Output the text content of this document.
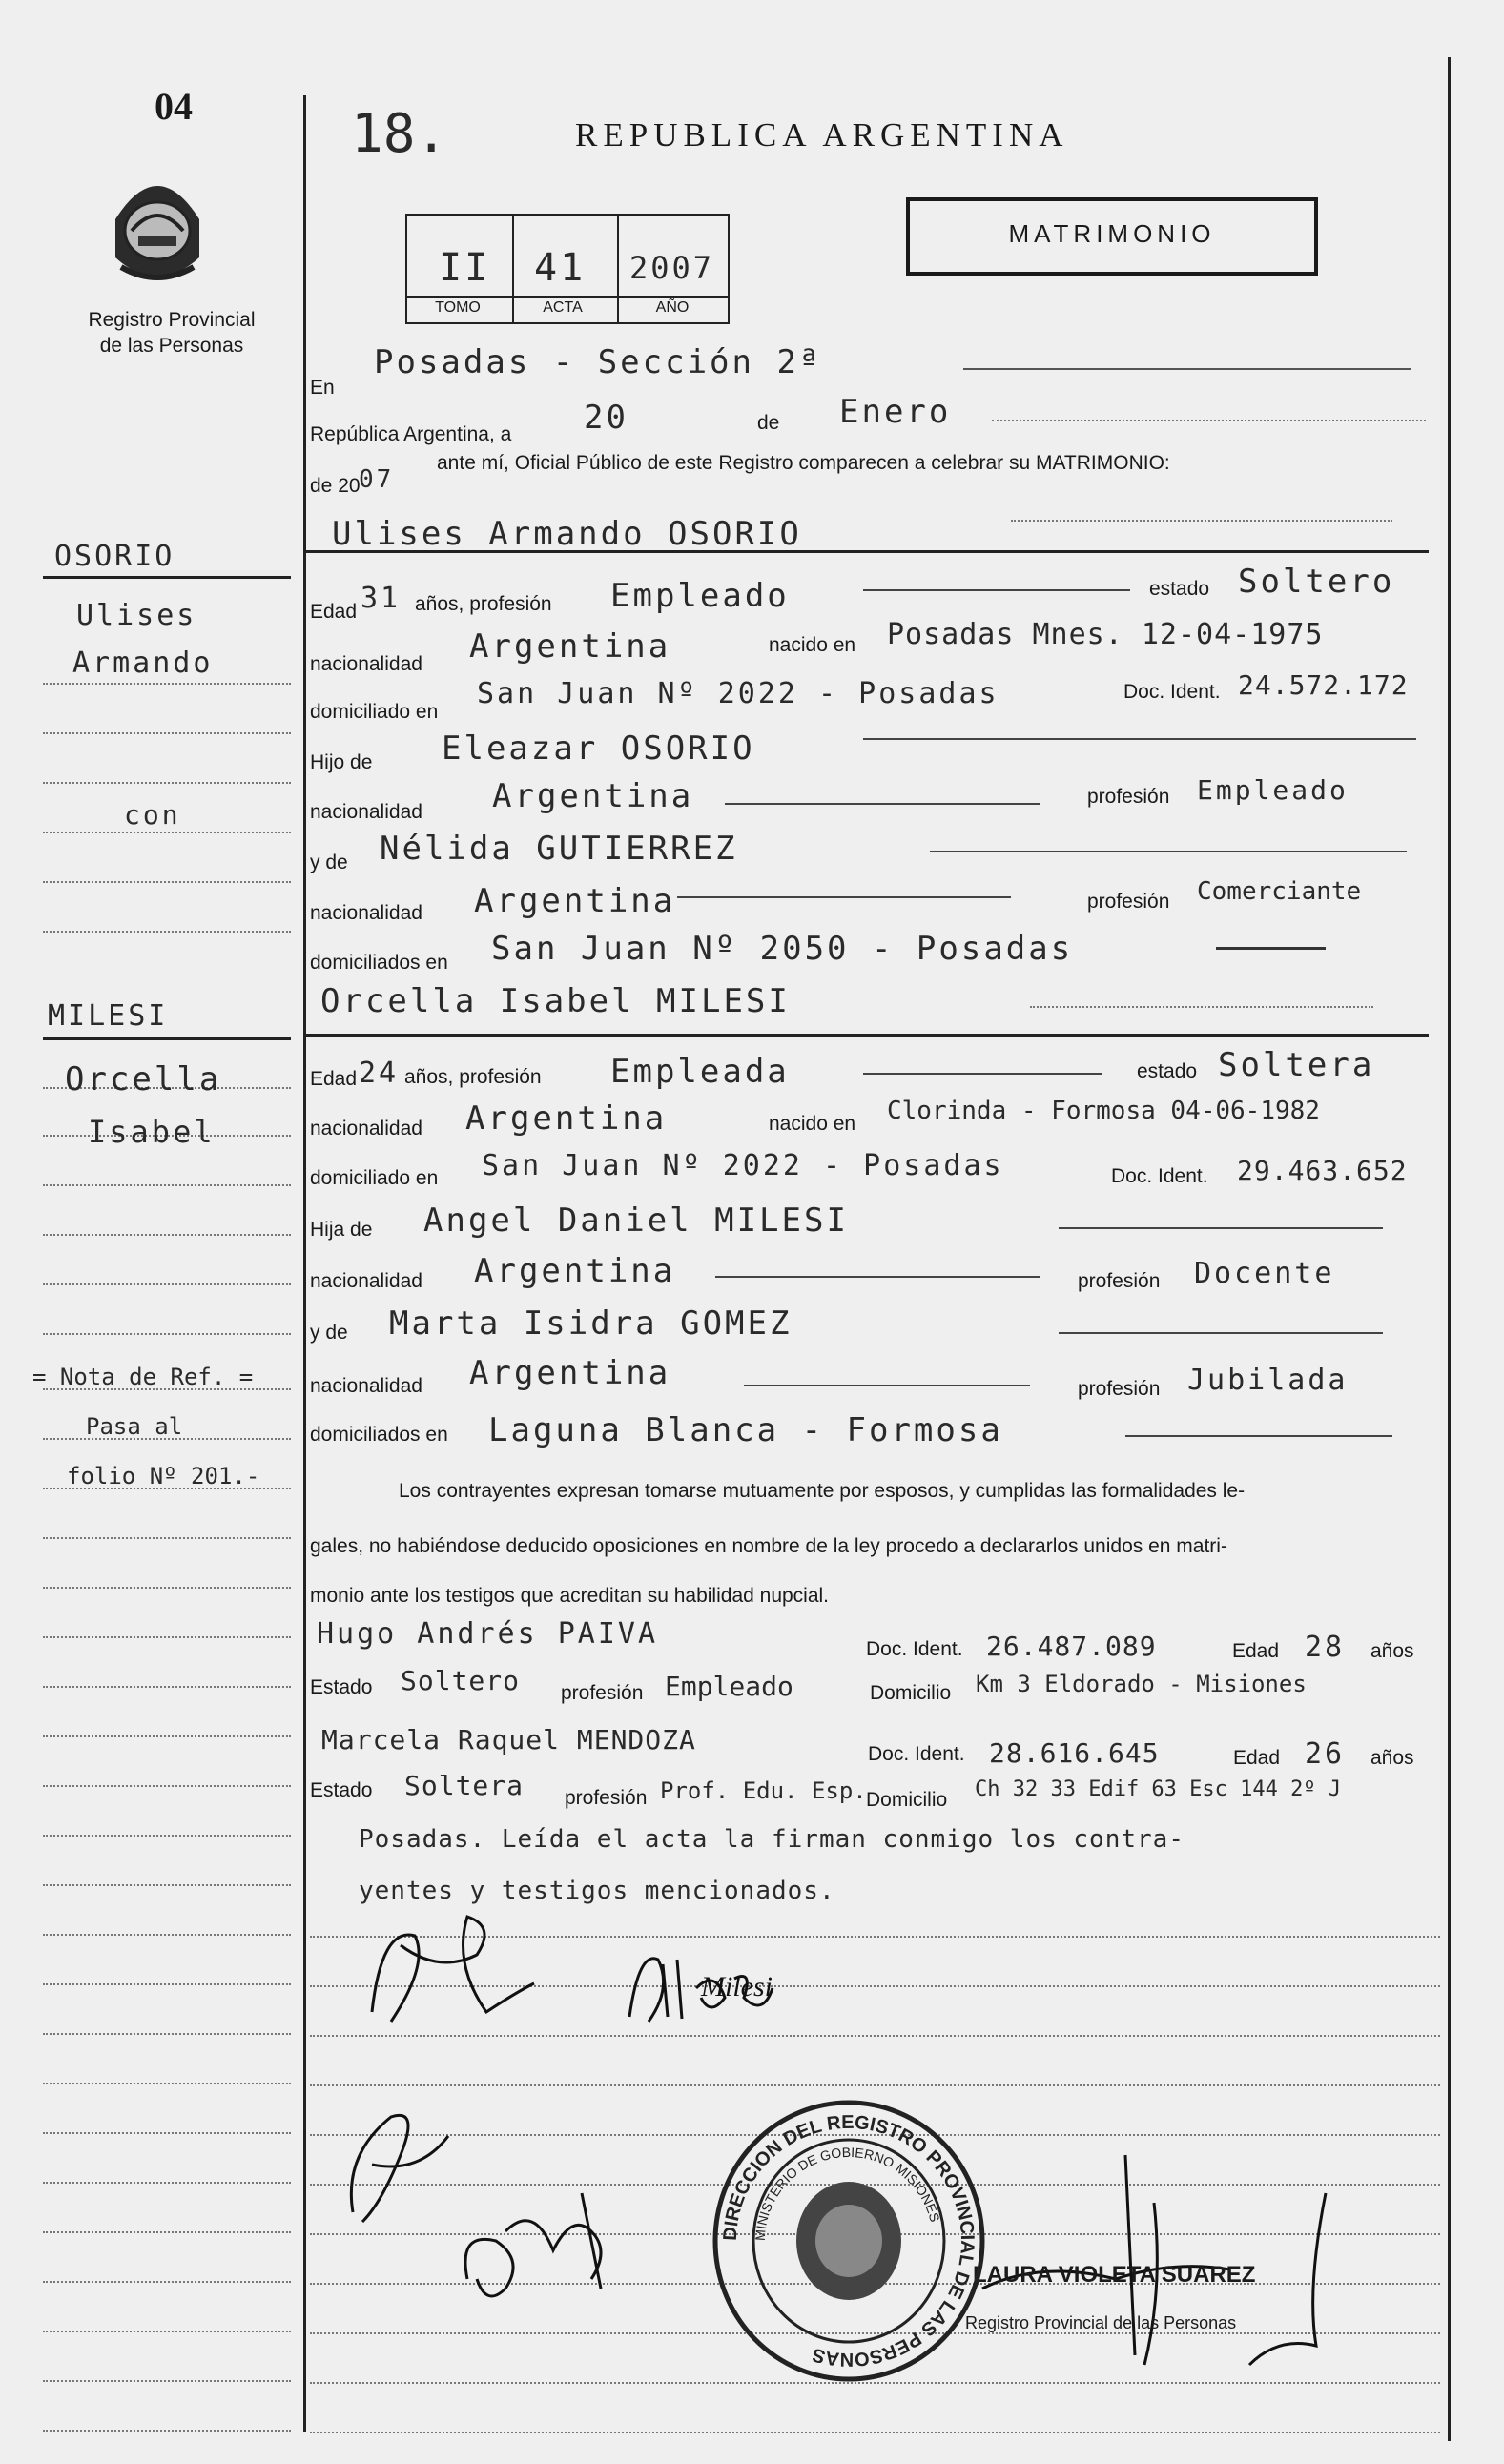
04
Registro Provincial
de las Personas
18.	REPUBLICA ARGENTINA
MATRIMONIO
II 41 2007
TOMO	ACTA	AÑO
En
Posadas - Sección 2ª
República Argentina, a 20	de Enero
de 20
07
ante mí, Oficial Público de este Registro comparecen a celebrar su MATRIMONIO:
Ulises Armando OSORIO
Edad 31 años, profesión Empleado	estado Soltero
nacionalidad Argentina	nacido en Posadas Mnes. 12-04-1975
domiciliado en
San Juan Nº 2022 - Posadas	Doc. Ident. 24.572.172
Hijo de Eleazar OSORIO
nacionalidad Argentina	profesión Empleado
y de Nélida GUTIERREZ
nacionalidad Argentina	profesión Comerciante
domiciliados en San Juan Nº 2050 - Posadas
Orcella Isabel MILESI
Edad 24 años, profesión Empleada	estado Soltera
nacionalidad Argentina	nacido en Clorinda - Formosa 04-06-1982
domiciliado en San Juan Nº 2022 - Posadas	Doc. Ident. 29.463.652
Hija de Angel Daniel MILESI
nacionalidad Argentina	profesión Docente
y de Marta Isidra GOMEZ
nacionalidad Argentina	profesión Jubilada
domiciliados en Laguna Blanca - Formosa
Los contrayentes expresan tomarse mutuamente por esposos, y cumplidas las formalidades le-
gales, no habiéndose deducido oposiciones en nombre de la ley procedo a declararlos unidos en matri-
monio ante los testigos que acreditan su habilidad nupcial.
Hugo Andrés PAIVA	Doc. Ident. 26.487.089	Edad 28 años
Estado Soltero profesión Empleado	Domicilio Km 3 Eldorado - Misiones
Marcela Raquel MENDOZA	Doc. Ident. 28.616.645	Edad 26 años
Estado Soltera profesión Prof. Edu. Esp. Domicilio Ch 32 33 Edif 63 Esc 144 2º J
Posadas. Leída el acta la firman conmigo los contra-
yentes y testigos mencionados.
OSORIO
Ulises
Armando
con
MILESI
Orcella
Isabel
= Nota de Ref. =
Pasa al
folio Nº 201.-
Milesi
LAURA VIOLETA SUAREZ
Registro Provincial de las Personas
DIRECCION DEL REGISTRO PROVINCIAL DE LAS PERSONAS
MINISTERIO DE GOBIERNO MISIONES
